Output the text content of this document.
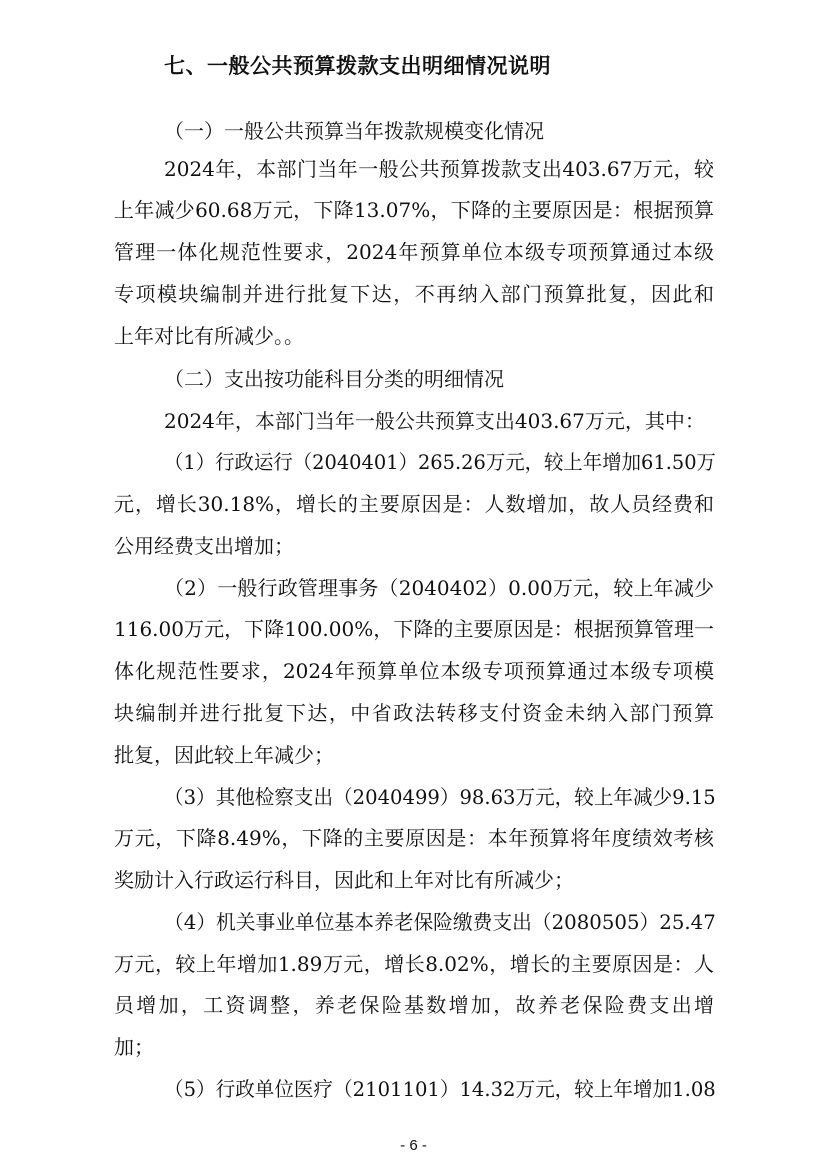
七、一般公共预算拨款支出明细情况说明
（一）一般公共预算当年拨款规模变化情况
2024年，本部门当年一般公共预算拨款支出403.67万元，较
上年减少60.68万元，下降13.07%，下降的主要原因是：根据预算
管理一体化规范性要求，2024年预算单位本级专项预算通过本级
专项模块编制并进行批复下达，不再纳入部门预算批复，因此和
上年对比有所减少。。
（二）支出按功能科目分类的明细情况
2024年，本部门当年一般公共预算支出403.67万元，其中：
（1）行政运行（2040401）265.26万元，较上年增加61.50万
元，增长30.18%，增长的主要原因是：人数增加，故人员经费和
公用经费支出增加；
（2）一般行政管理事务（2040402）0.00万元，较上年减少
116.00万元，下降100.00%，下降的主要原因是：根据预算管理一
体化规范性要求，2024年预算单位本级专项预算通过本级专项模
块编制并进行批复下达，中省政法转移支付资金未纳入部门预算
批复，因此较上年减少；
（3）其他检察支出（2040499）98.63万元，较上年减少9.15
万元，下降8.49%，下降的主要原因是：本年预算将年度绩效考核
奖励计入行政运行科目，因此和上年对比有所减少；
（4）机关事业单位基本养老保险缴费支出（2080505）25.47
万元，较上年增加1.89万元，增长8.02%，增长的主要原因是：人
员增加，工资调整，养老保险基数增加，故养老保险费支出增
加；
（5）行政单位医疗（2101101）14.32万元，较上年增加1.08
- 6 -
